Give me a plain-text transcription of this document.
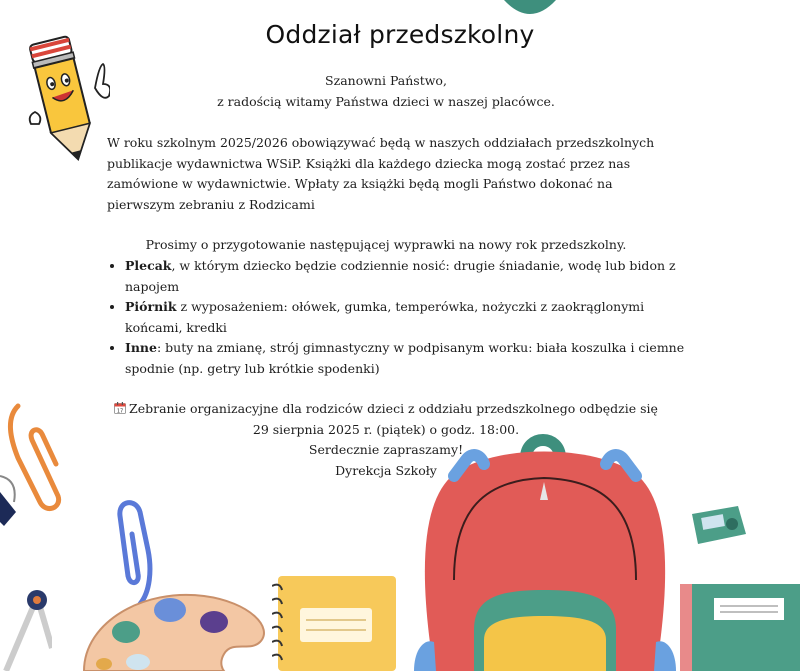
Oddział przedszkolny
Szanowni Państwo,
z radością witamy Państwa dzieci w naszej placówce.
W roku szkolnym 2025/2026 obowiązywać będą w naszych oddziałach przedszkolnych publikacje wydawnictwa WSiP. Książki dla każdego dziecka mogą zostać przez nas zamówione w wydawnictwie. Wpłaty za książki będą mogli Państwo dokonać na pierwszym zebraniu z Rodzicami
Prosimy o przygotowanie następującej wyprawki na nowy rok przedszkolny.
• Plecak, w którym dziecko będzie codziennie nosić: drugie śniadanie, wodę lub bidon z napojem
• Piórnik z wyposażeniem: ołówek, gumka, temperówka, nożyczki z zaokrąglonymi końcami, kredki
• Inne: buty na zmianę, strój gimnastyczny w podpisanym worku: biała koszulka i ciemne spodnie (np. getry lub krótkie spodenki)
17 Zebranie organizacyjne dla rodziców dzieci z oddziału przedszkolnego odbędzie się
29 sierpnia 2025 r. (piątek) o godz. 18:00.
Serdecznie zapraszamy!
Dyrekcja Szkoły
